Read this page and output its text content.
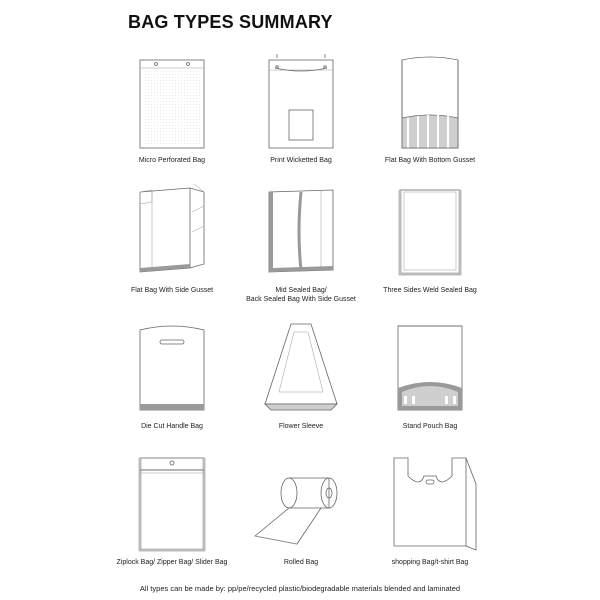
BAG TYPES SUMMARY
Micro Perforated Bag	Print Wicketted Bag	Flat Bag With Bottom Gusset
Flat Bag With Side Gusset	Mid Sealed Bag/
Back Sealed Bag With Side Gusset
Three Sides Weld Sealed Bag
Die Cut Handle Bag	Flower Sleeve	Stand Pouch Bag
Ziplock Bag/ Zipper Bag/ Slider Bag	Rolled Bag	shopping Bag/t-shirt Bag
All types can be made by: pp/pe/recycled plastic/biodegradable materials blended and laminated
